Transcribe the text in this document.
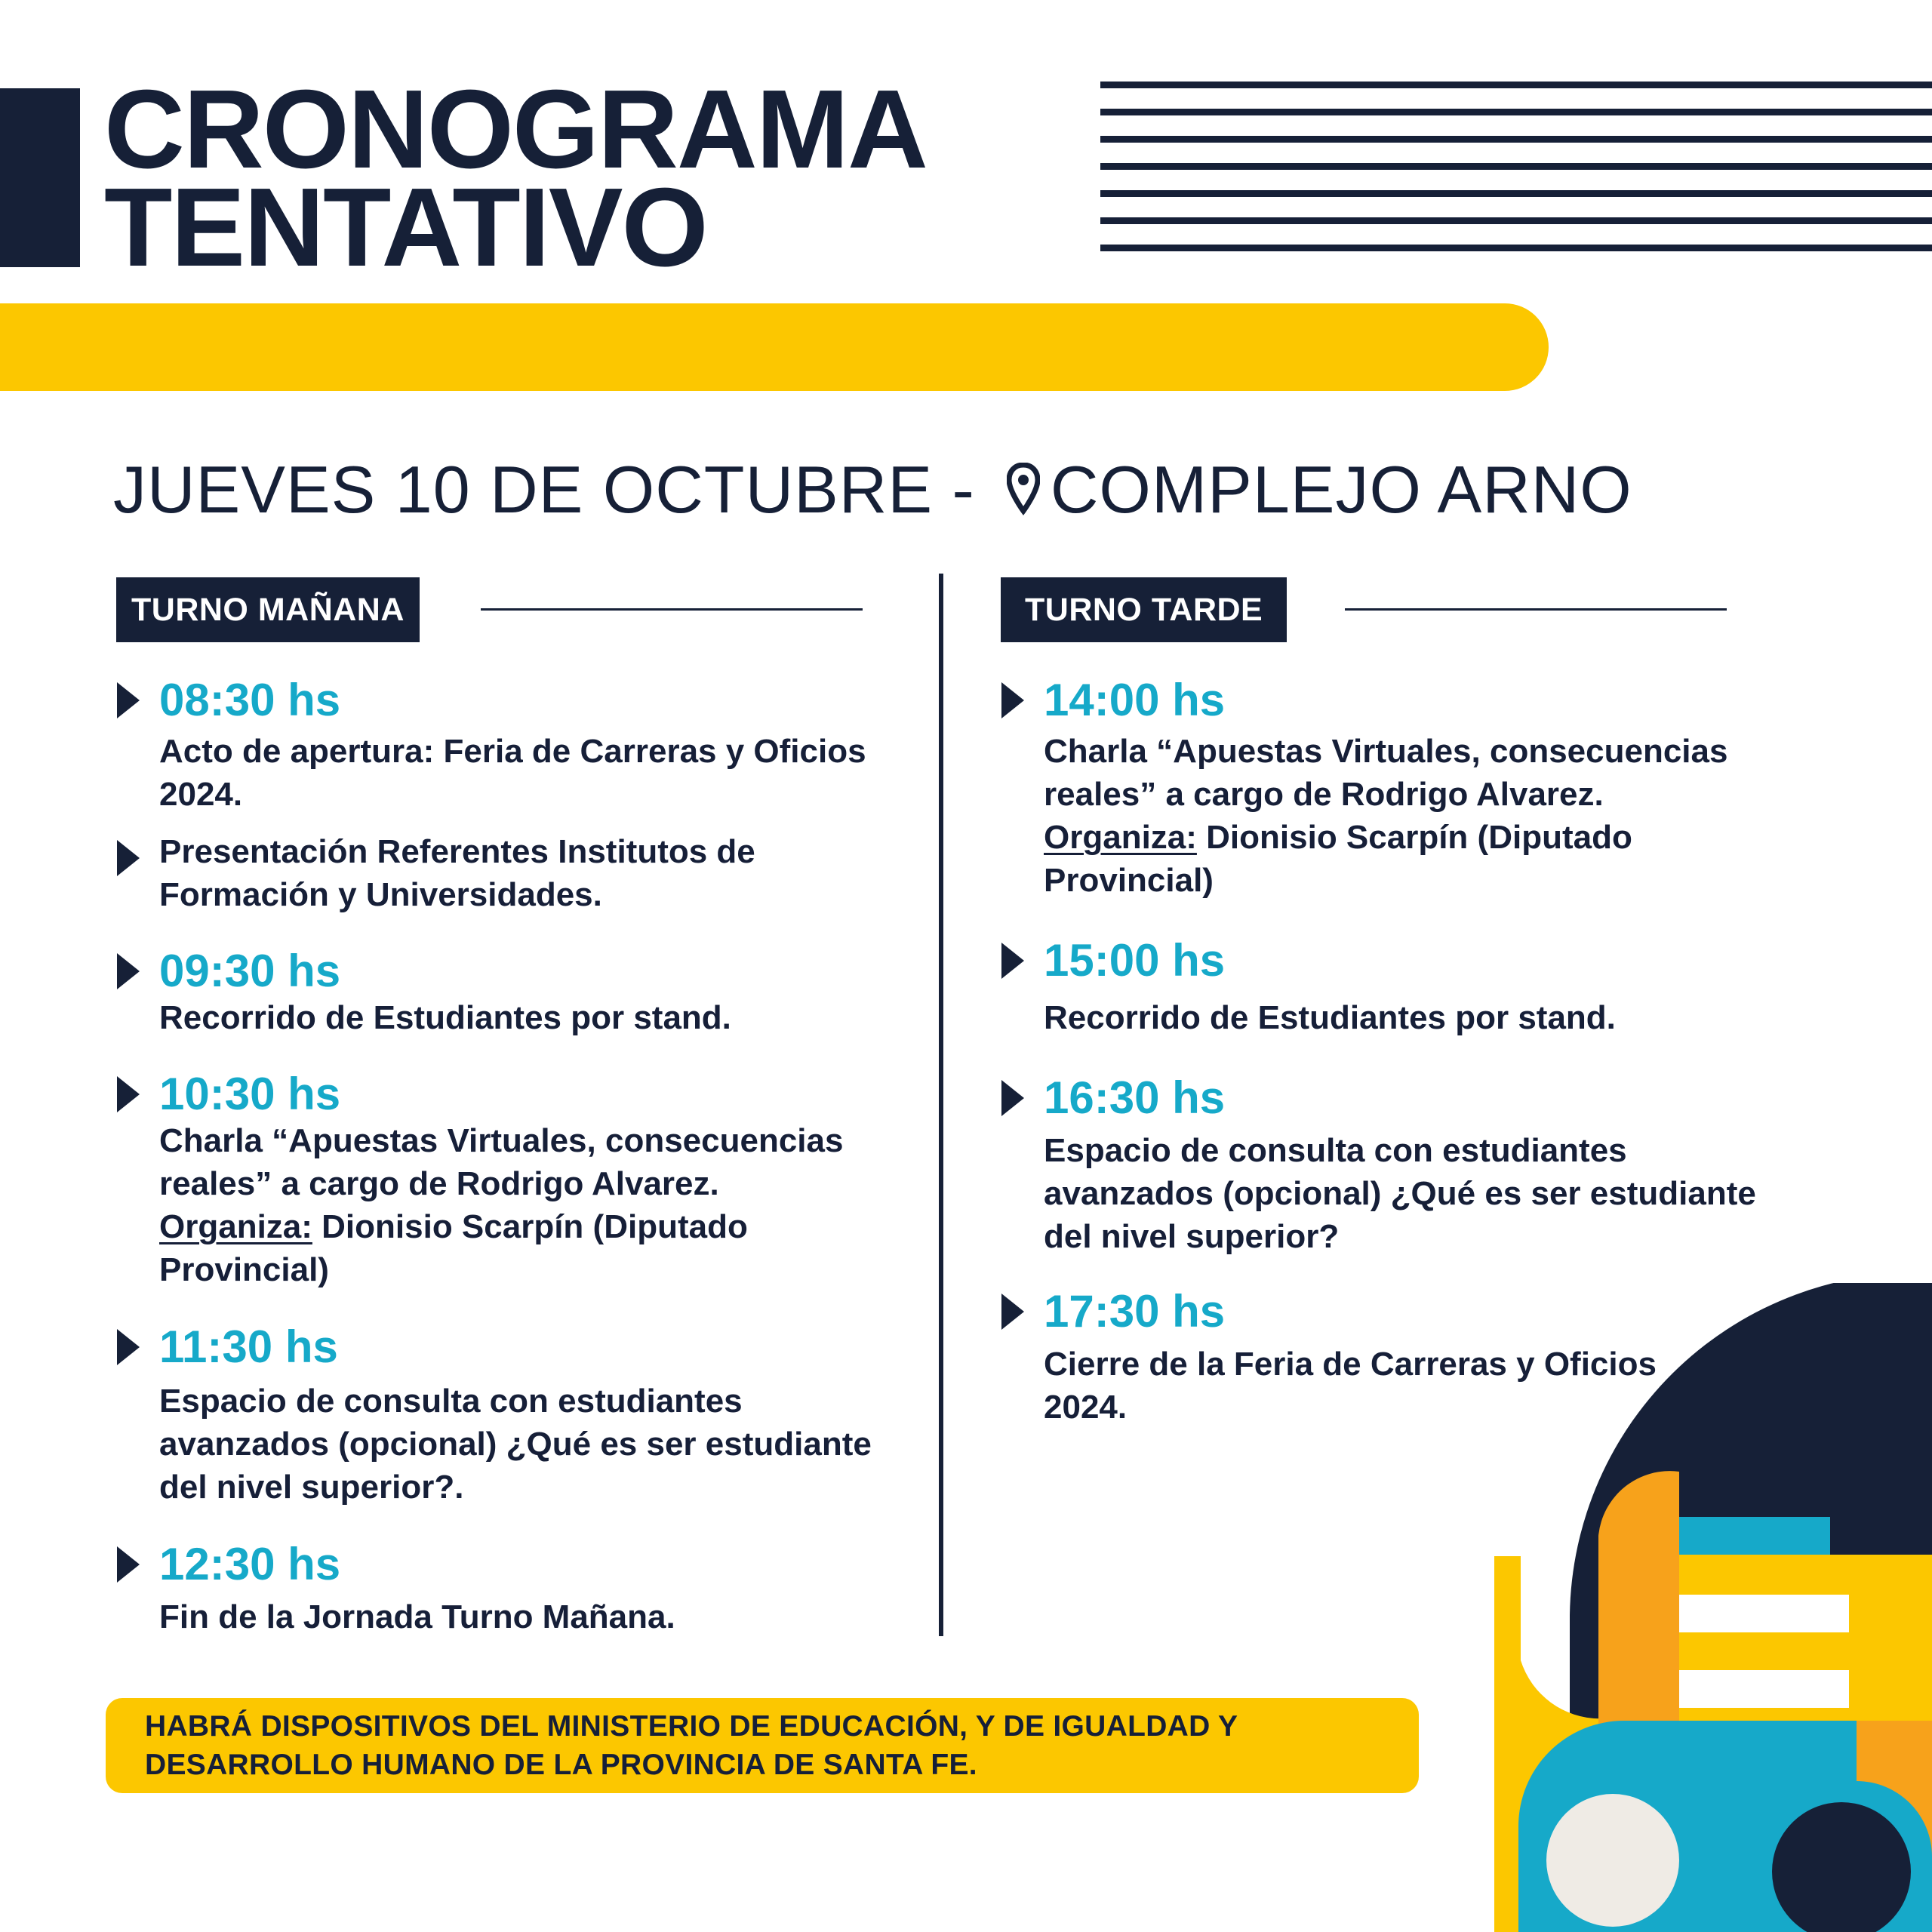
CRONOGRAMA
TENTATIVO
JUEVES 10 DE OCTUBRE - COMPLEJO ARNO
TURNO MAÑANA	TURNO TARDE
08:30 hs
Acto de apertura: Feria de Carreras y Oficios 2024.
Presentación Referentes Institutos de Formación y Universidades.
09:30 hs
Recorrido de Estudiantes por stand.
10:30 hs
Charla “Apuestas Virtuales, consecuencias reales” a cargo de Rodrigo Alvarez. Organiza: Dionisio Scarpín (Diputado Provincial)
11:30 hs
Espacio de consulta con estudiantes avanzados (opcional) ¿Qué es ser estudiante del nivel superior?.
12:30 hs
Fin de la Jornada Turno Mañana.
14:00 hs
Charla “Apuestas Virtuales, consecuencias reales” a cargo de Rodrigo Alvarez. Organiza: Dionisio Scarpín (Diputado Provincial)
15:00 hs
Recorrido de Estudiantes por stand.
16:30 hs
Espacio de consulta con estudiantes avanzados (opcional) ¿Qué es ser estudiante del nivel superior?
17:30 hs
Cierre de la Feria de Carreras y Oficios 2024.
HABRÁ DISPOSITIVOS DEL MINISTERIO DE EDUCACIÓN, Y DE IGUALDAD Y DESARROLLO HUMANO DE LA PROVINCIA DE SANTA FE.
